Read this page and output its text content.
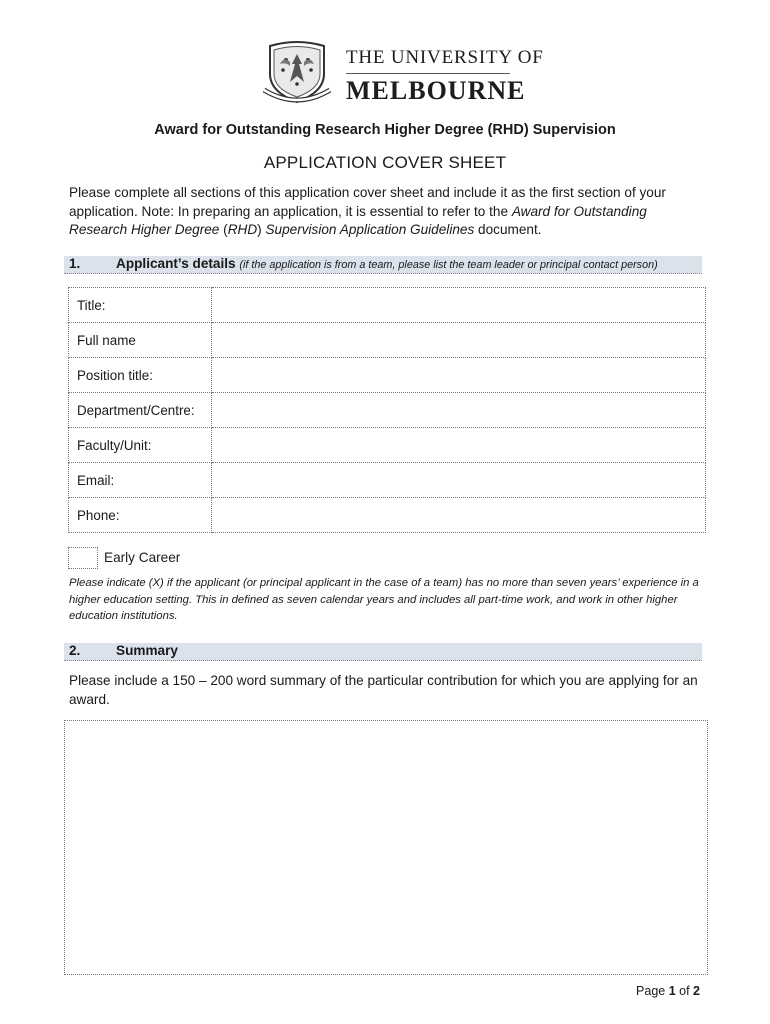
THE UNIVERSITY OF
MELBOURNE
Award for Outstanding Research Higher Degree (RHD) Supervision
APPLICATION COVER SHEET
Please complete all sections of this application cover sheet and include it as the first section of your application. Note: In preparing an application, it is essential to refer to the Award for Outstanding Research Higher Degree (RHD) Supervision Application Guidelines document.
1.	Applicant’s details (if the application is from a team, please list the team leader or principal contact person)
Title:	
Full name	
Position title:	
Department/Centre:	
Faculty/Unit:	
Email:	
Phone:	
Early Career
Please indicate (X) if the applicant (or principal applicant in the case of a team) has no more than seven years’ experience in a higher education setting. This in defined as seven calendar years and includes all part-time work, and work in other higher education institutions.
2.	Summary
Please include a 150 – 200 word summary of the particular contribution for which you are applying for an award.
Page 1 of 2
